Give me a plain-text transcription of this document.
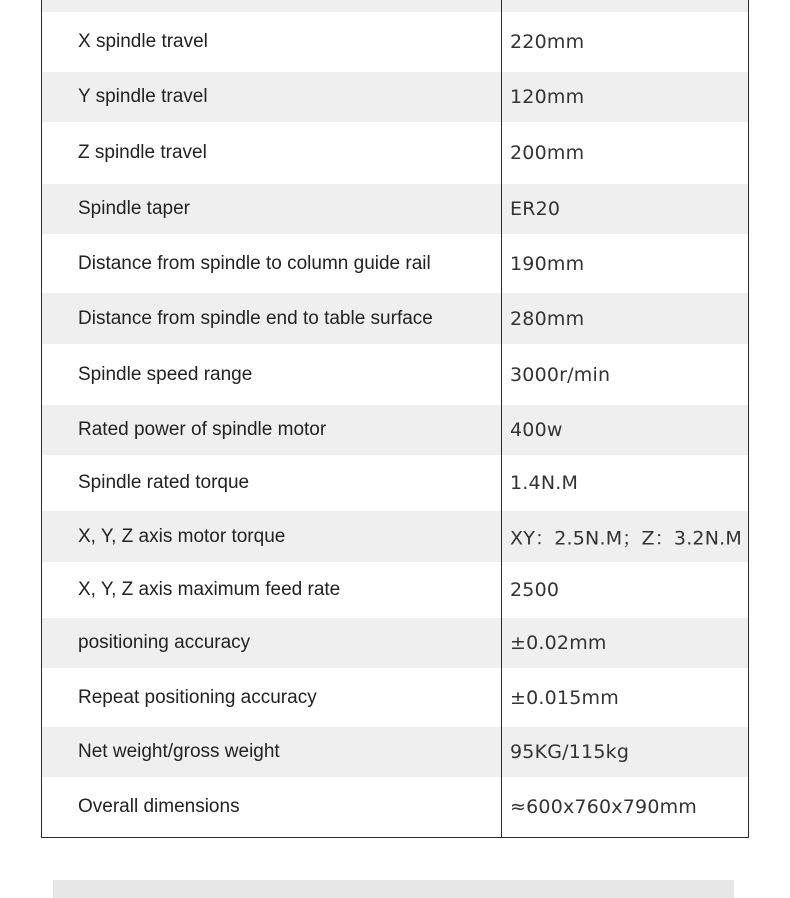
X spindle travel	220mm
Y spindle travel	120mm
Z spindle travel	200mm
Spindle taper	ER20
Distance from spindle to column guide rail	190mm
Distance from spindle end to table surface	280mm
Spindle speed range	3000r/min
Rated power of spindle motor	400w
Spindle rated torque	1.4N.M
X, Y, Z axis motor torque	XY：2.5N.M；Z：3.2N.M
X, Y, Z axis maximum feed rate	2500
positioning accuracy	±0.02mm
Repeat positioning accuracy	±0.015mm
Net weight/gross weight	95KG/115kg
Overall dimensions	≈600x760x790mm
